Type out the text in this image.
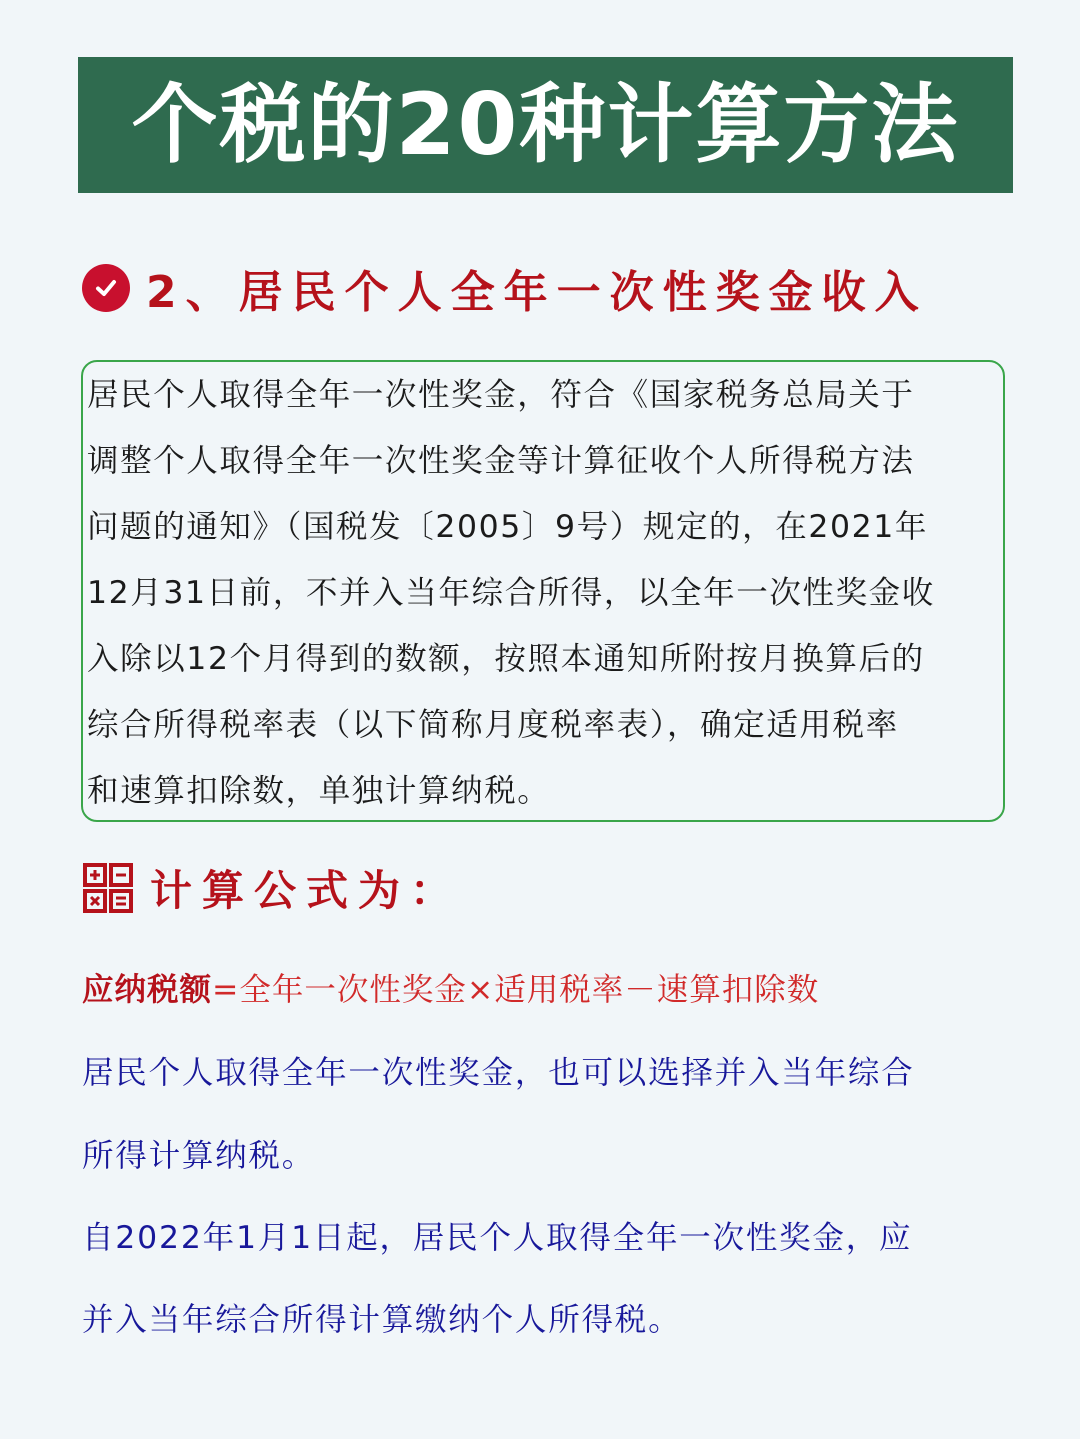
个税的20种计算方法
2、居民个人全年一次性奖金收入
居民个人取得全年一次性奖金，符合《国家税务总局关于
调整个人取得全年一次性奖金等计算征收个人所得税方法
问题的通知》（国税发〔2005〕9号）规定的，在2021年
12月31日前，不并入当年综合所得，以全年一次性奖金收
入除以12个月得到的数额，按照本通知所附按月换算后的
综合所得税率表（以下简称月度税率表），确定适用税率
和速算扣除数，单独计算纳税。
计算公式为：
应纳税额=全年一次性奖金×适用税率－速算扣除数
居民个人取得全年一次性奖金，也可以选择并入当年综合
所得计算纳税。
自2022年1月1日起，居民个人取得全年一次性奖金，应
并入当年综合所得计算缴纳个人所得税。
